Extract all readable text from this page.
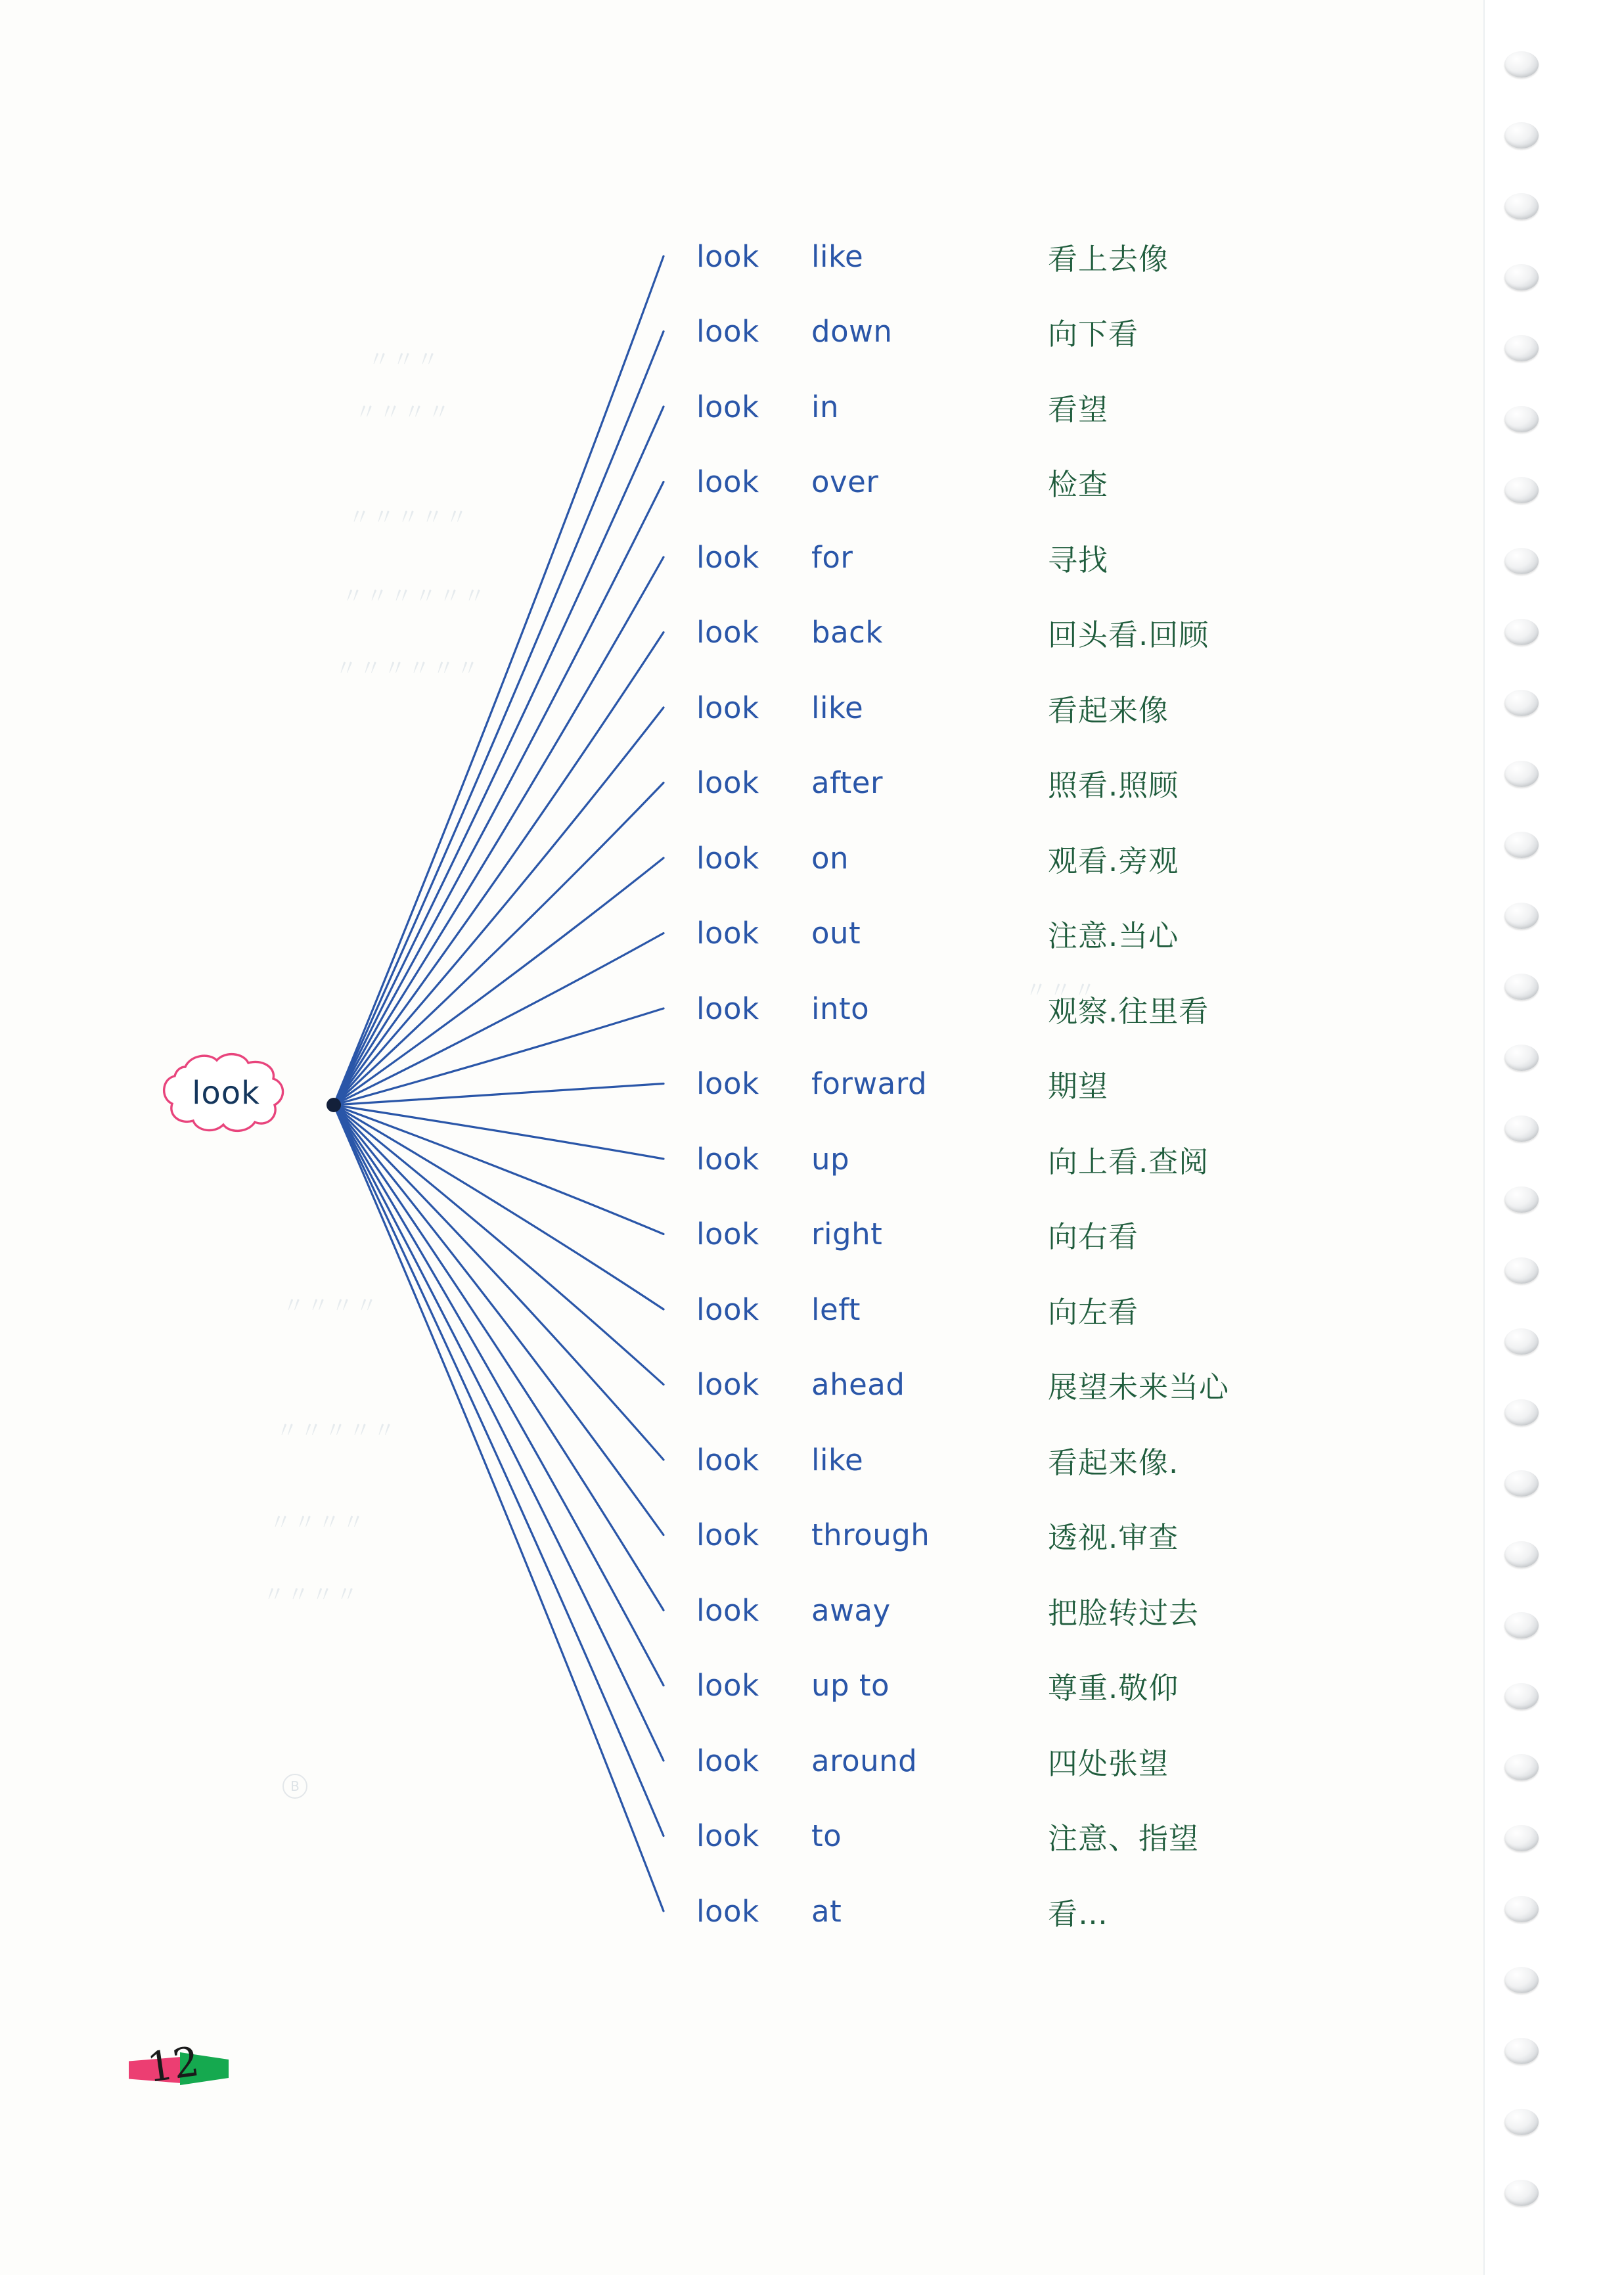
〃〃〃
〃〃〃〃
〃〃〃〃〃
〃〃〃〃〃〃
〃〃〃〃〃〃
〃〃〃〃
〃〃〃〃〃
〃〃〃〃
〃〃〃〃
〃〃〃
B
look
look	like	看上去像
look	down	向下看
look	in	看望
look	over	检查
look	for	寻找
look	back	回头看.回顾
look	like	看起来像
look	after	照看.照顾
look	on	观看.旁观
look	out	注意.当心
look	into	观察.往里看
look	forward	期望
look	up	向上看.查阅
look	right	向右看
look	left	向左看
look	ahead	展望未来当心
look	like	看起来像.
look	through	透视.审查
look	away	把脸转过去
look	up to	尊重.敬仰
look	around	四处张望
look	to	注意、指望
look	at	看…
12
